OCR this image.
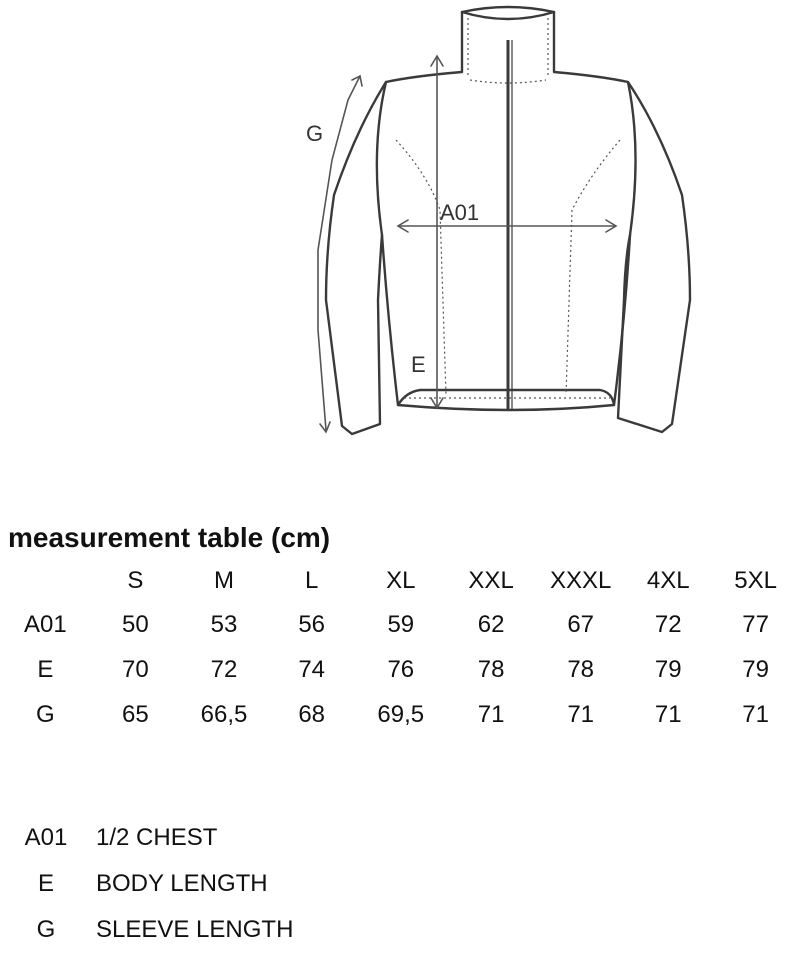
G
A01
E
measurement table (cm)
	S	M	L	XL	XXL	XXXL	4XL	5XL
A01	50	53	56	59	62	67	72	77
E	70	72	74	76	78	78	79	79
G	65	66,5	68	69,5	71	71	71	71
A01	1/2 CHEST
E	BODY LENGTH
G	SLEEVE LENGTH
